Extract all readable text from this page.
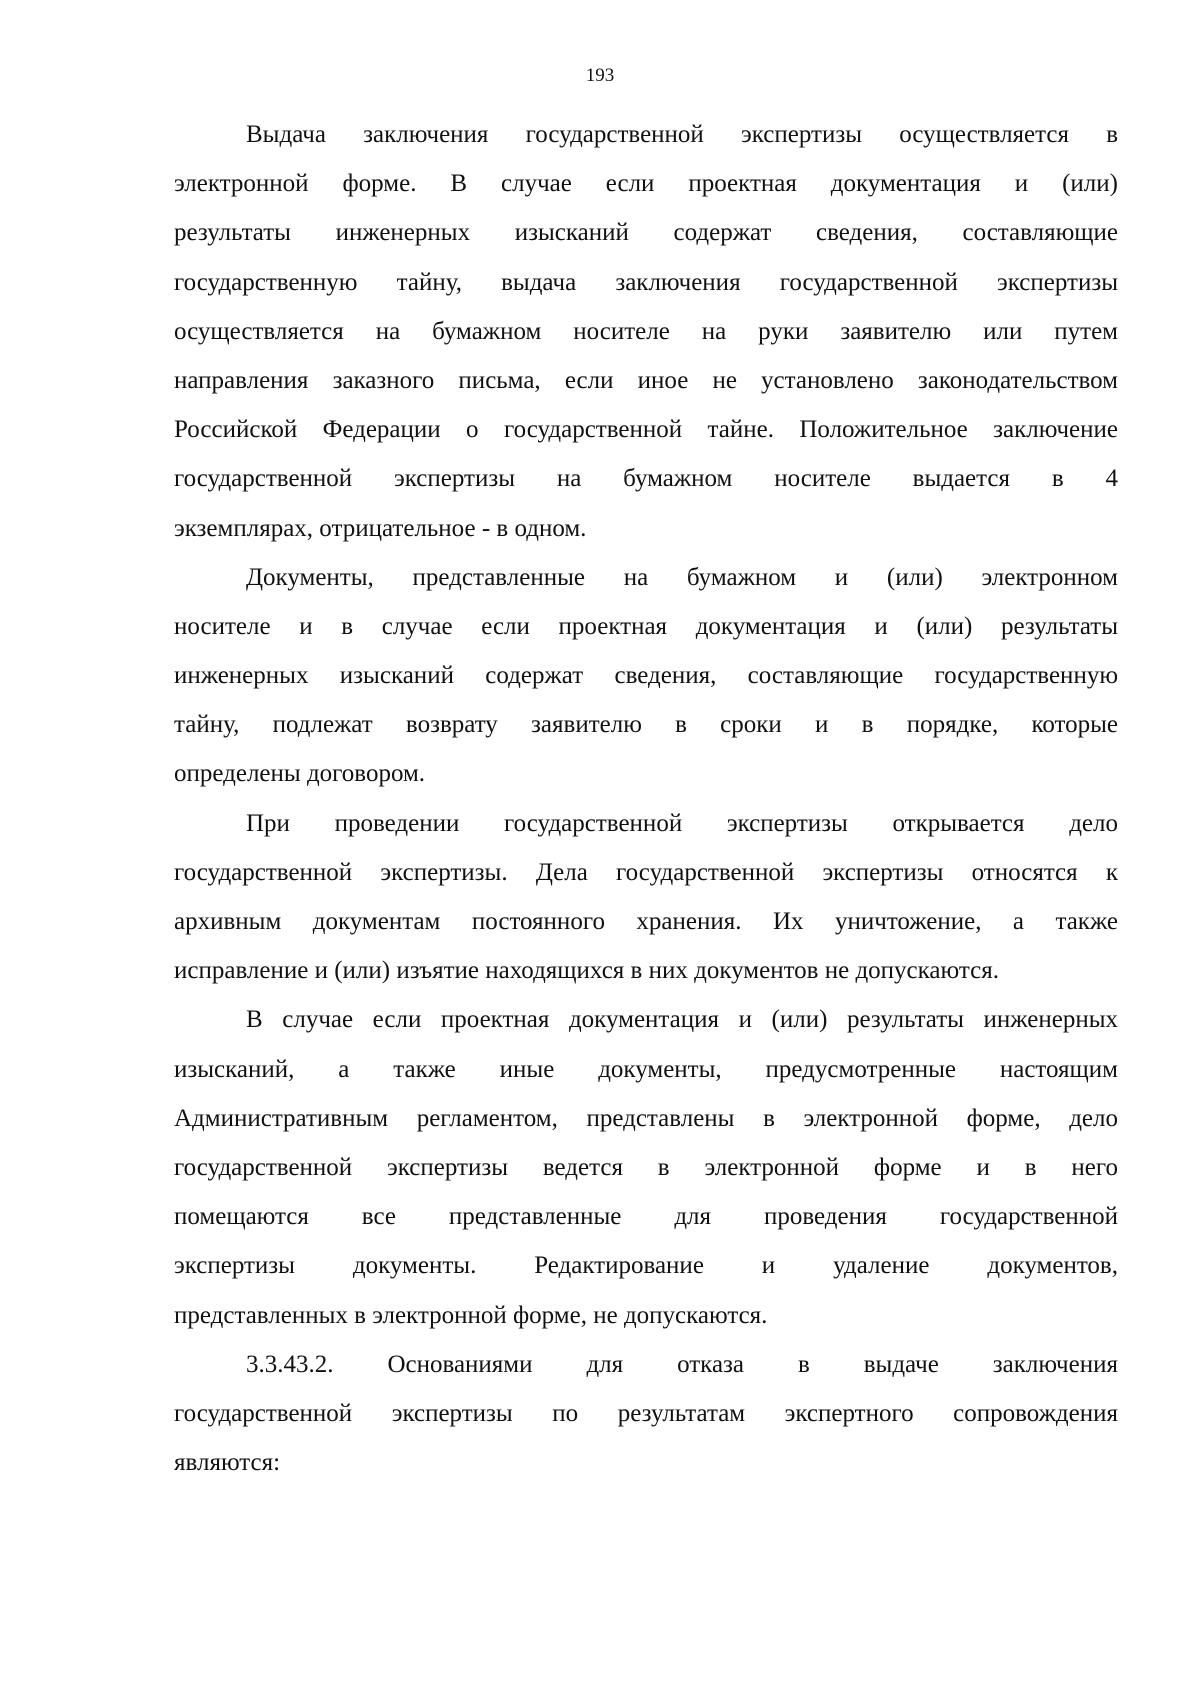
193
Выдача заключения государственной экспертизы осуществляется в
электронной форме. В случае если проектная документация и (или)
результаты инженерных изысканий содержат сведения, составляющие
государственную тайну, выдача заключения государственной экспертизы
осуществляется на бумажном носителе на руки заявителю или путем
направления заказного письма, если иное не установлено законодательством
Российской Федерации о государственной тайне. Положительное заключение
государственной экспертизы на бумажном носителе выдается в 4
экземплярах, отрицательное - в одном.
Документы, представленные на бумажном и (или) электронном
носителе и в случае если проектная документация и (или) результаты
инженерных изысканий содержат сведения, составляющие государственную
тайну, подлежат возврату заявителю в сроки и в порядке, которые
определены договором.
При проведении государственной экспертизы открывается дело
государственной экспертизы. Дела государственной экспертизы относятся к
архивным документам постоянного хранения. Их уничтожение, а также
исправление и (или) изъятие находящихся в них документов не допускаются.
В случае если проектная документация и (или) результаты инженерных
изысканий, а также иные документы, предусмотренные настоящим
Административным регламентом, представлены в электронной форме, дело
государственной экспертизы ведется в электронной форме и в него
помещаются все представленные для проведения государственной
экспертизы документы. Редактирование и удаление документов,
представленных в электронной форме, не допускаются.
3.3.43.2. Основаниями для отказа в выдаче заключения
государственной экспертизы по результатам экспертного сопровождения
являются:
